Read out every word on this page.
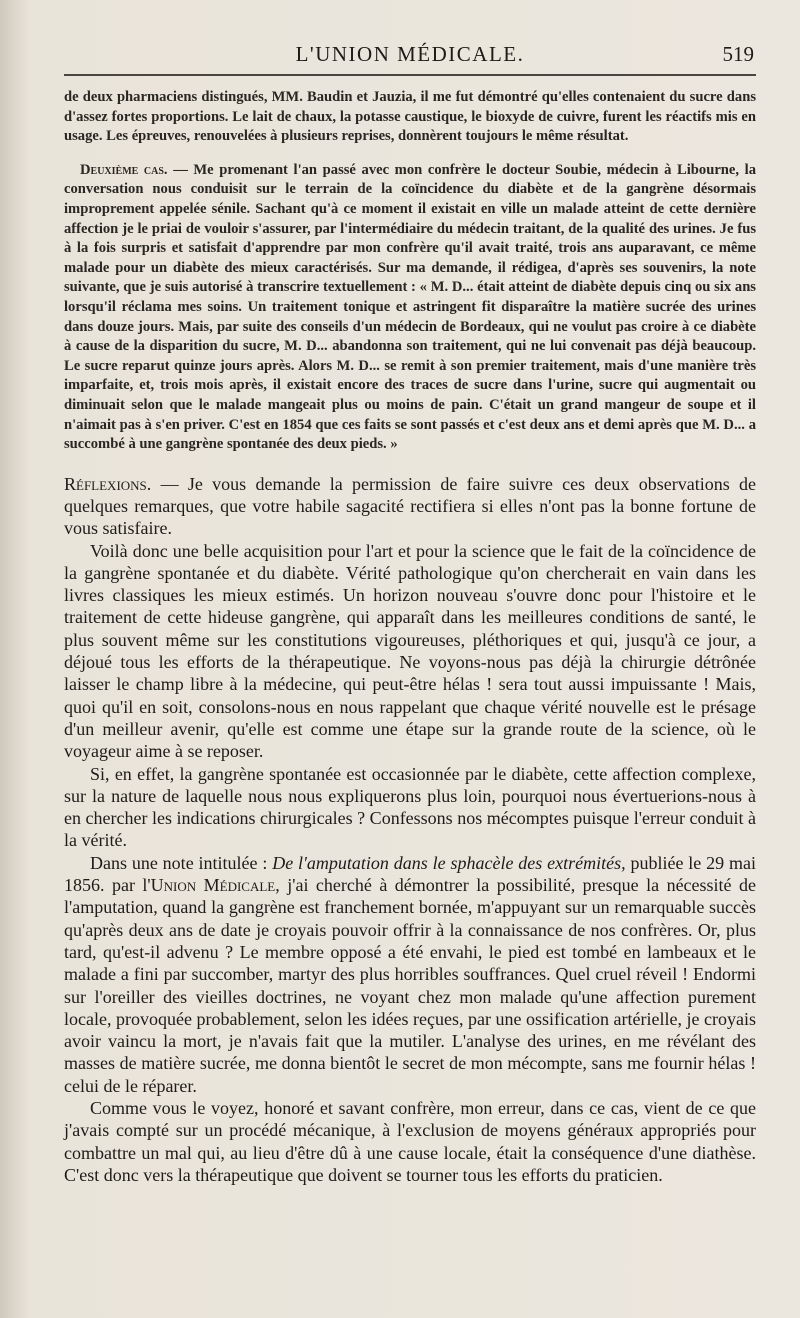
L'UNION MÉDICALE.	519

de deux pharmaciens distingués, MM. Baudin et Jauzia, il me fut démontré qu'elles contenaient du sucre dans d'assez fortes proportions. Le lait de chaux, la potasse caustique, le bioxyde de cuivre, furent les réactifs mis en usage. Les épreuves, renouvelées à plusieurs reprises, donnèrent toujours le même résultat.

Deuxième cas. — Me promenant l'an passé avec mon confrère le docteur Soubie, médecin à Libourne, la conversation nous conduisit sur le terrain de la coïncidence du diabète et de la gangrène désormais improprement appelée sénile. Sachant qu'à ce moment il existait en ville un malade atteint de cette dernière affection je le priai de vouloir s'assurer, par l'intermédiaire du médecin traitant, de la qualité des urines. Je fus à la fois surpris et satisfait d'apprendre par mon confrère qu'il avait traité, trois ans auparavant, ce même malade pour un diabète des mieux caractérisés. Sur ma demande, il rédigea, d'après ses souvenirs, la note suivante, que je suis autorisé à transcrire textuellement : « M. D... était atteint de diabète depuis cinq ou six ans lorsqu'il réclama mes soins. Un traitement tonique et astringent fit disparaître la matière sucrée des urines dans douze jours. Mais, par suite des conseils d'un médecin de Bordeaux, qui ne voulut pas croire à ce diabète à cause de la disparition du sucre, M. D... abandonna son traitement, qui ne lui convenait pas déjà beaucoup. Le sucre reparut quinze jours après. Alors M. D... se remit à son premier traitement, mais d'une manière très imparfaite, et, trois mois après, il existait encore des traces de sucre dans l'urine, sucre qui augmentait ou diminuait selon que le malade mangeait plus ou moins de pain. C'était un grand mangeur de soupe et il n'aimait pas à s'en priver. C'est en 1854 que ces faits se sont passés et c'est deux ans et demi après que M. D... a succombé à une gangrène spontanée des deux pieds. »

Réflexions. — Je vous demande la permission de faire suivre ces deux observations de quelques remarques, que votre habile sagacité rectifiera si elles n'ont pas la bonne fortune de vous satisfaire.

Voilà donc une belle acquisition pour l'art et pour la science que le fait de la coïncidence de la gangrène spontanée et du diabète. Vérité pathologique qu'on chercherait en vain dans les livres classiques les mieux estimés. Un horizon nouveau s'ouvre donc pour l'histoire et le traitement de cette hideuse gangrène, qui apparaît dans les meilleures conditions de santé, le plus souvent même sur les constitutions vigoureuses, pléthoriques et qui, jusqu'à ce jour, a déjoué tous les efforts de la thérapeutique. Ne voyons-nous pas déjà la chirurgie détrônée laisser le champ libre à la médecine, qui peut-être hélas ! sera tout aussi impuissante ! Mais, quoi qu'il en soit, consolons-nous en nous rappelant que chaque vérité nouvelle est le présage d'un meilleur avenir, qu'elle est comme une étape sur la grande route de la science, où le voyageur aime à se reposer.

Si, en effet, la gangrène spontanée est occasionnée par le diabète, cette affection complexe, sur la nature de laquelle nous nous expliquerons plus loin, pourquoi nous évertuerions-nous à en chercher les indications chirurgicales ? Confessons nos mécomptes puisque l'erreur conduit à la vérité.

Dans une note intitulée : De l'amputation dans le sphacèle des extrémités, publiée le 29 mai 1856. par l'Union Médicale, j'ai cherché à démontrer la possibilité, presque la nécessité de l'amputation, quand la gangrène est franchement bornée, m'appuyant sur un remarquable succès qu'après deux ans de date je croyais pouvoir offrir à la connaissance de nos confrères. Or, plus tard, qu'est-il advenu ? Le membre opposé a été envahi, le pied est tombé en lambeaux et le malade a fini par succomber, martyr des plus horribles souffrances. Quel cruel réveil ! Endormi sur l'oreiller des vieilles doctrines, ne voyant chez mon malade qu'une affection purement locale, provoquée probablement, selon les idées reçues, par une ossification artérielle, je croyais avoir vaincu la mort, je n'avais fait que la mutiler. L'analyse des urines, en me révélant des masses de matière sucrée, me donna bientôt le secret de mon mécompte, sans me fournir hélas ! celui de le réparer.

Comme vous le voyez, honoré et savant confrère, mon erreur, dans ce cas, vient de ce que j'avais compté sur un procédé mécanique, à l'exclusion de moyens généraux appropriés pour combattre un mal qui, au lieu d'être dû à une cause locale, était la conséquence d'une diathèse. C'est donc vers la thérapeutique que doivent se tourner tous les efforts du praticien.
